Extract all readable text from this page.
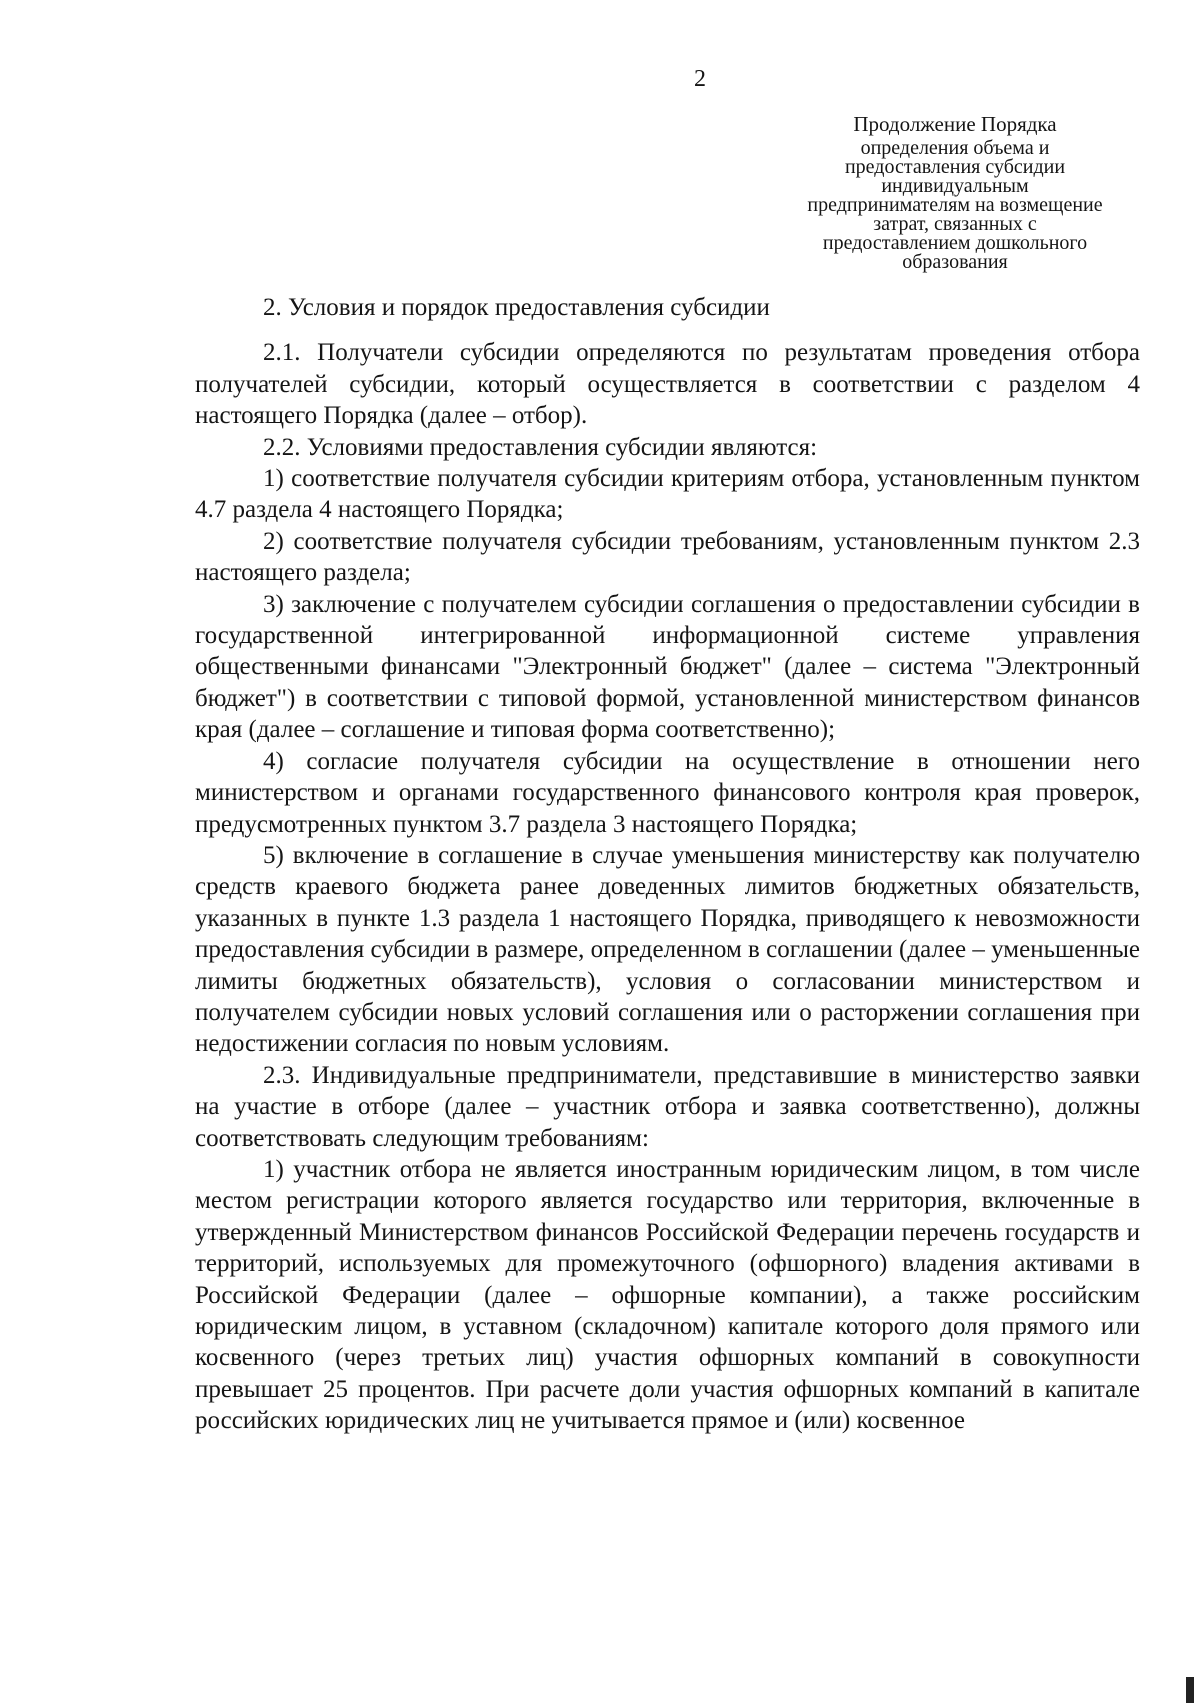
2
Продолжение Порядка
определения объема и
предоставления субсидии
индивидуальным
предпринимателям на возмещение
затрат, связанных с
предоставлением дошкольного
образования

2. Условия и порядок предоставления субсидии

2.1. Получатели субсидии определяются по результатам проведения отбора получателей субсидии, который осуществляется в соответствии с разделом 4 настоящего Порядка (далее – отбор).

2.2. Условиями предоставления субсидии являются:

1) соответствие получателя субсидии критериям отбора, установленным пунктом 4.7 раздела 4 настоящего Порядка;

2) соответствие получателя субсидии требованиям, установленным пунктом 2.3 настоящего раздела;

3) заключение с получателем субсидии соглашения о предоставлении субсидии в государственной интегрированной информационной системе управления общественными финансами "Электронный бюджет" (далее – система "Электронный бюджет") в соответствии с типовой формой, установленной министерством финансов края (далее – соглашение и типовая форма соответственно);

4) согласие получателя субсидии на осуществление в отношении него министерством и органами государственного финансового контроля края проверок, предусмотренных пунктом 3.7 раздела 3 настоящего Порядка;

5) включение в соглашение в случае уменьшения министерству как получателю средств краевого бюджета ранее доведенных лимитов бюджетных обязательств, указанных в пункте 1.3 раздела 1 настоящего Порядка, приводящего к невозможности предоставления субсидии в размере, определенном в соглашении (далее – уменьшенные лимиты бюджетных обязательств), условия о согласовании министерством и получателем субсидии новых условий соглашения или о расторжении соглашения при недостижении согласия по новым условиям.

2.3. Индивидуальные предприниматели, представившие в министерство заявки на участие в отборе (далее – участник отбора и заявка соответственно), должны соответствовать следующим требованиям:

1) участник отбора не является иностранным юридическим лицом, в том числе местом регистрации которого является государство или территория, включенные в утвержденный Министерством финансов Российской Федерации перечень государств и территорий, используемых для промежуточного (офшорного) владения активами в Российской Федерации (далее – офшорные компании), а также российским юридическим лицом, в уставном (складочном) капитале которого доля прямого или косвенного (через третьих лиц) участия офшорных компаний в совокупности превышает 25 процентов. При расчете доли участия офшорных компаний в капитале российских юридических лиц не учитывается прямое и (или) косвенное
